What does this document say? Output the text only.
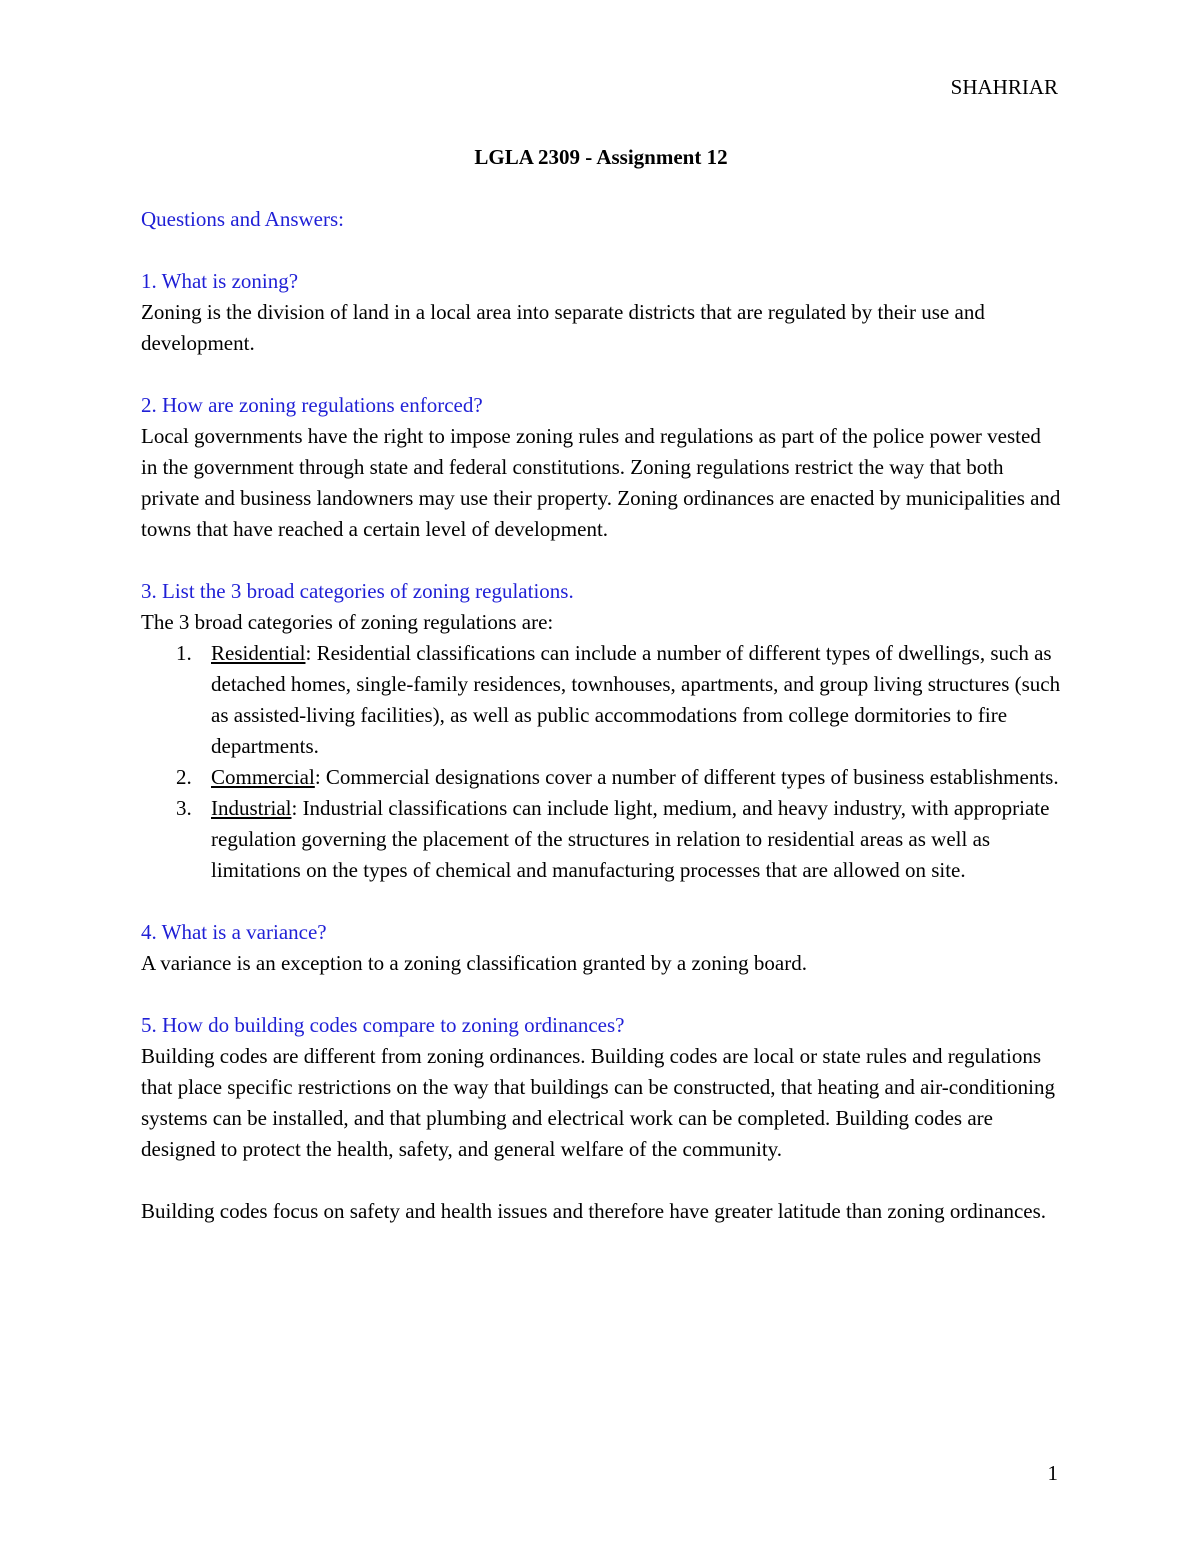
SHAHRIAR

LGLA 2309 - Assignment 12

Questions and Answers:

1. What is zoning?

Zoning is the division of land in a local area into separate districts that are regulated by their use and development.

2. How are zoning regulations enforced?

Local governments have the right to impose zoning rules and regulations as part of the police power vested in the government through state and federal constitutions. Zoning regulations restrict the way that both private and business landowners may use their property. Zoning ordinances are enacted by municipalities and towns that have reached a certain level of development.

3. List the 3 broad categories of zoning regulations.

The 3 broad categories of zoning regulations are:

1. Residential: Residential classifications can include a number of different types of dwellings, such as detached homes, single-family residences, townhouses, apartments, and group living structures (such as assisted-living facilities), as well as public accommodations from college dormitories to fire departments.
2. Commercial: Commercial designations cover a number of different types of business establishments.
3. Industrial: Industrial classifications can include light, medium, and heavy industry, with appropriate regulation governing the placement of the structures in relation to residential areas as well as limitations on the types of chemical and manufacturing processes that are allowed on site.

4. What is a variance?

A variance is an exception to a zoning classification granted by a zoning board.

5. How do building codes compare to zoning ordinances?

Building codes are different from zoning ordinances. Building codes are local or state rules and regulations that place specific restrictions on the way that buildings can be constructed, that heating and air-conditioning systems can be installed, and that plumbing and electrical work can be completed. Building codes are designed to protect the health, safety, and general welfare of the community.

Building codes focus on safety and health issues and therefore have greater latitude than zoning ordinances.

1
